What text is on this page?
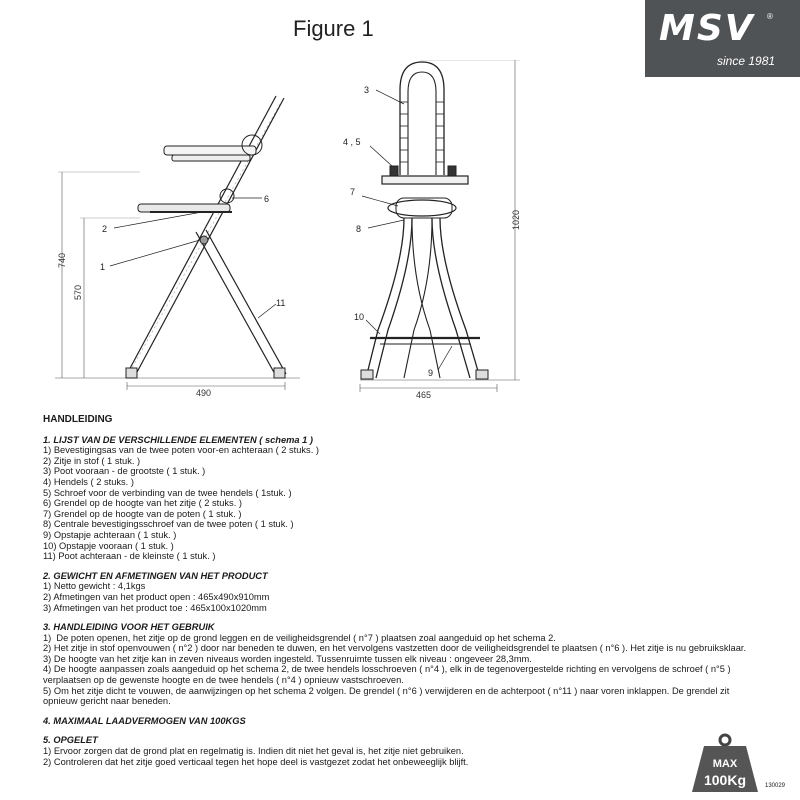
Figure 1	MSV ®
since 1981
740
570
490
2
1
6
11
1020
465
3
4 , 5
7
8
10
9
HANDLEIDING
1. LIJST VAN DE VERSCHILLENDE ELEMENTEN ( schema 1 )
1) Bevestigingsas van de twee poten voor-en achteraan ( 2 stuks. )
2) Zitje in stof ( 1 stuk. )
3) Poot vooraan - de grootste ( 1 stuk. )
4) Hendels ( 2 stuks. )
5) Schroef voor de verbinding van de twee hendels ( 1stuk. )
6) Grendel op de hoogte van het zitje ( 2 stuks. )
7) Grendel op de hoogte van de poten ( 1 stuk. )
8) Centrale bevestigingsschroef van de twee poten ( 1 stuk. )
9) Opstapje achteraan ( 1 stuk. )
10) Opstapje vooraan ( 1 stuk. )
11) Poot achteraan - de kleinste ( 1 stuk. )
2. GEWICHT EN AFMETINGEN VAN HET PRODUCT
1) Netto gewicht : 4,1kgs
2) Afmetingen van het product open : 465x490x910mm
3) Afmetingen van het product toe : 465x100x1020mm
3. HANDLEIDING VOOR HET GEBRUIK
1)  De poten openen, het zitje op de grond leggen en de veiligheidsgrendel ( n°7 ) plaatsen zoal aangeduid op het schema 2.
2) Het zitje in stof openvouwen ( n°2 ) door nar beneden te duwen, en het vervolgens vastzetten door de veiligheidsgrendel te plaatsen ( n°6 ). Het zitje is nu gebruiksklaar.
3) De hoogte van het zitje kan in zeven niveaus worden ingesteld. Tussenruimte tussen elk niveau : ongeveer 28,3mm.
4) De hoogte aanpassen zoals aangeduid op het schema 2, de twee hendels losschroeven ( n°4 ), elk in de tegenovergestelde richting en vervolgens de schroef ( n°5 ) verplaatsen op de gewenste hoogte en de twee hendels ( n°4 ) opnieuw vastschroeven.
5) Om het zitje dicht te vouwen, de aanwijzingen op het schema 2 volgen. De grendel ( n°6 ) verwijderen en de achterpoot ( n°11 ) naar voren inklappen. De grendel zit opnieuw gericht naar beneden.
4. MAXIMAAL LAADVERMOGEN VAN 100KGS
5. OPGELET
1) Ervoor zorgen dat de grond plat en regelmatig is. Indien dit niet het geval is, het zitje niet gebruiken.
2) Controleren dat het zitje goed verticaal tegen het hope deel is vastgezet zodat het onbeweeglijk blijft.	MAX
100Kg	130029
